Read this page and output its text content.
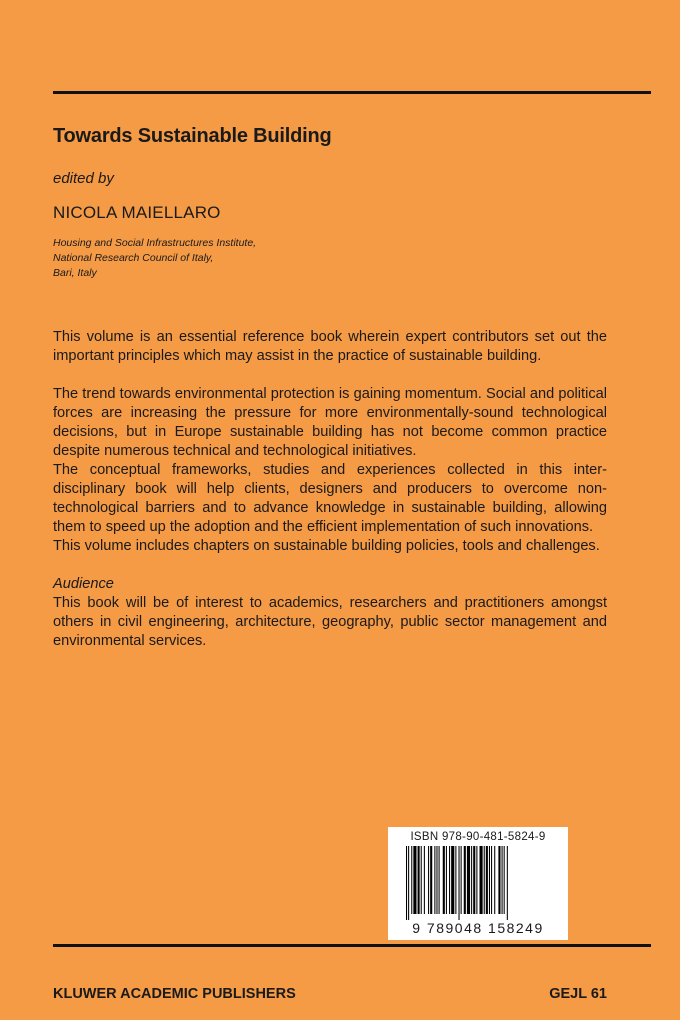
Towards Sustainable Building
edited by
NICOLA MAIELLARO
Housing and Social Infrastructures Institute,
National Research Council of Italy,
Bari, Italy

This volume is an essential reference book wherein expert contributors set out the important principles which may assist in the practice of sustainable building.

The trend towards environmental protection is gaining momentum. Social and political forces are increasing the pressure for more environmentally-sound technological decisions, but in Europe sustainable building has not become common practice despite numerous technical and technological initiatives.

The conceptual frameworks, studies and experiences collected in this inter-disciplinary book will help clients, designers and producers to overcome non-technological barriers and to advance knowledge in sustainable building, allowing them to speed up the adoption and the efficient implementation of such innovations.

This volume includes chapters on sustainable building policies, tools and challenges.

Audience

This book will be of interest to academics, researchers and practitioners amongst others in civil engineering, architecture, geography, public sector management and environmental services.

ISBN 978-90-481-5824-9
9 789048 158249
KLUWER ACADEMIC PUBLISHERS	GEJL 61
